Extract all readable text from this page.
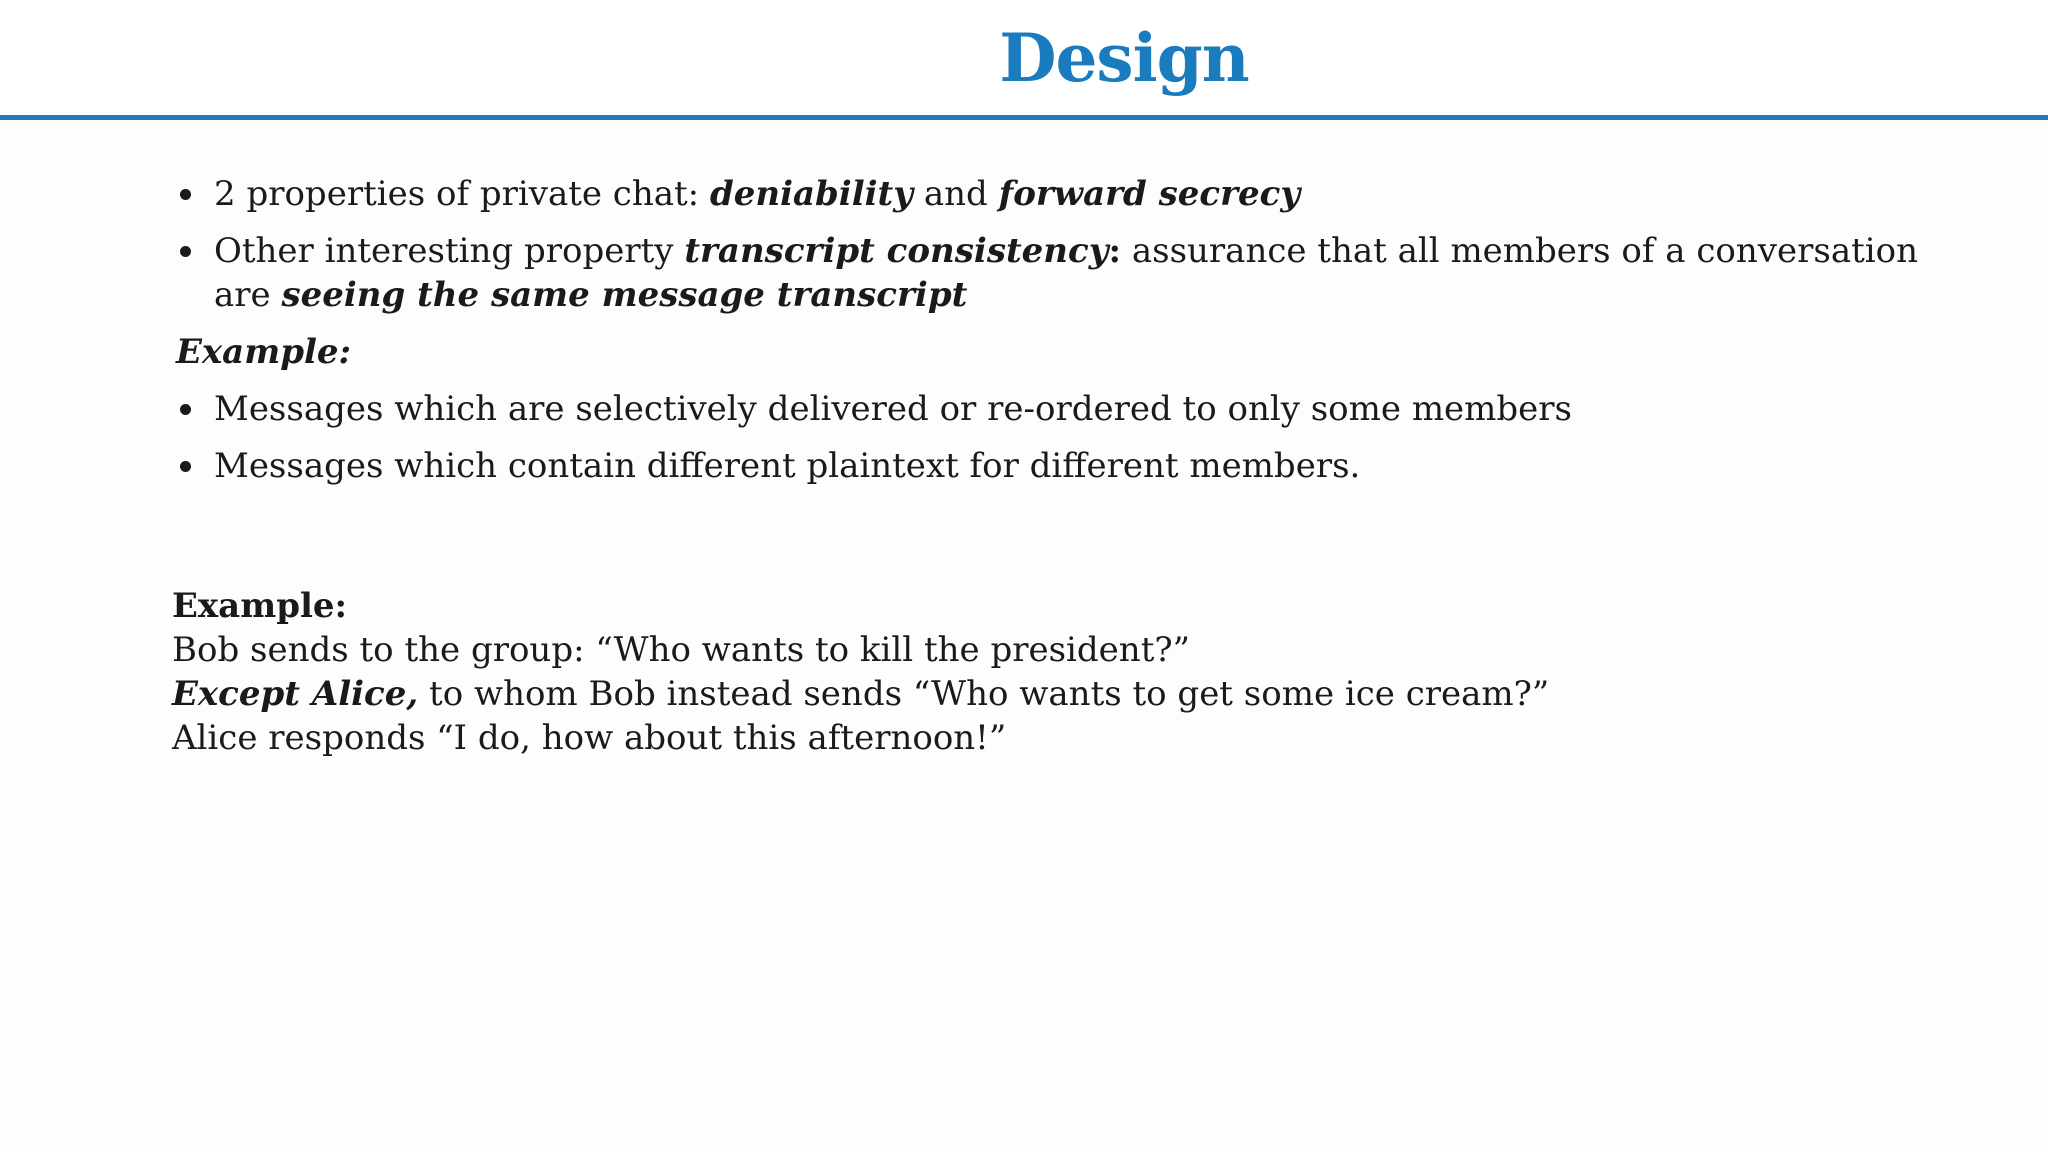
Design
2 properties of private chat: deniability and forward secrecy
Other interesting property transcript consistency: assurance that all members of a conversation are seeing the same message transcript
Example:
Messages which are selectively delivered or re-ordered to only some members
Messages which contain different plaintext for different members.
Example:
Bob sends to the group: “Who wants to kill the president?”
Except Alice, to whom Bob instead sends “Who wants to get some ice cream?”
Alice responds “I do, how about this afternoon!”
